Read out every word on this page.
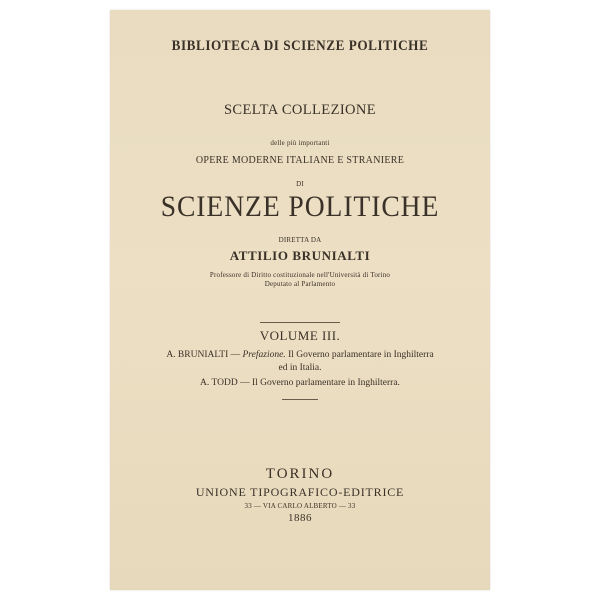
BIBLIOTECA DI SCIENZE POLITICHE
SCELTA COLLEZIONE
delle più importanti
OPERE MODERNE ITALIANE E STRANIERE
DI
SCIENZE POLITICHE
DIRETTA DA
ATTILIO BRUNIALTI
Professore di Diritto costituzionale nell'Università di Torino
Deputato al Parlamento
VOLUME III.
A. BRUNIALTI — Prefazione. Il Governo parlamentare in Inghilterra
ed in Italia.
A. TODD — Il Governo parlamentare in Inghilterra.
TORINO
UNIONE TIPOGRAFICO-EDITRICE
33 — VIA CARLO ALBERTO — 33
1886
